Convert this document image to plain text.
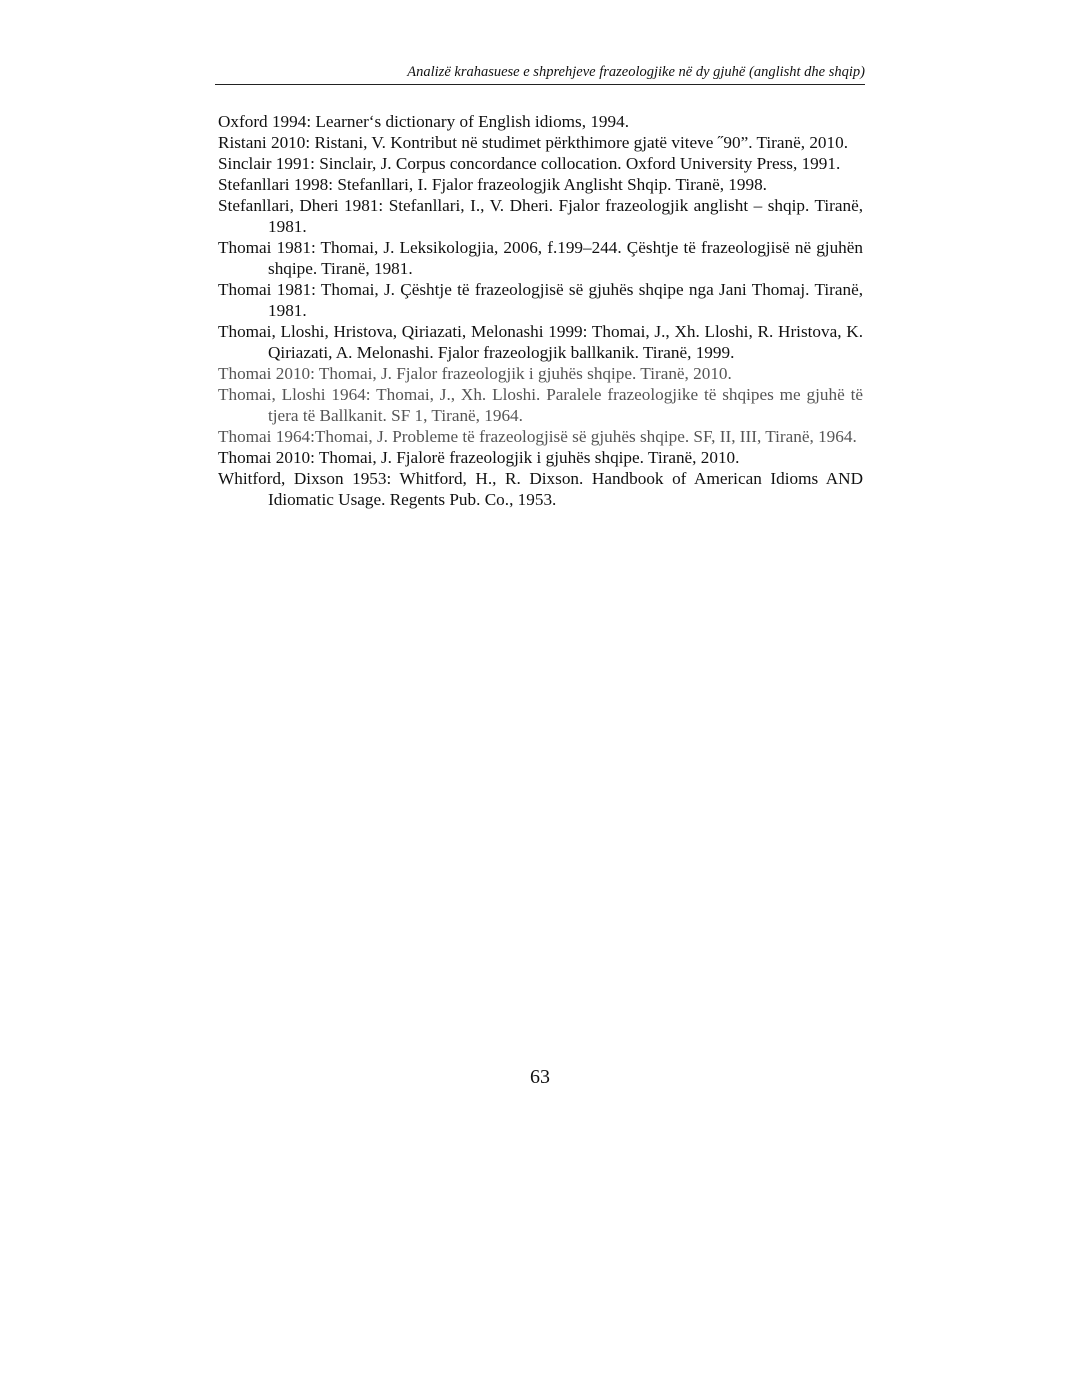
Analizë krahasuese e shprehjeve frazeologjike në dy gjuhë (anglisht dhe shqip)

Oxford 1994: Learner‘s dictionary of English idioms, 1994.

Ristani 2010: Ristani, V. Kontribut në studimet përkthimore gjatë viteve ˝90”. Tiranë, 2010.

Sinclair 1991: Sinclair, J. Corpus concordance collocation. Oxford University Press, 1991.

Stefanllari 1998: Stefanllari, I. Fjalor frazeologjik Anglisht Shqip. Tiranë, 1998.

Stefanllari, Dheri 1981: Stefanllari, I., V. Dheri. Fjalor frazeologjik anglisht – shqip. Tiranë, 1981.

Thomai 1981: Thomai, J. Leksikologjia, 2006, f.199–244. Çështje të frazeologjisë në gjuhën shqipe. Tiranë, 1981.

Thomai 1981: Thomai, J. Çështje të frazeologjisë së gjuhës shqipe nga Jani Thomaj. Tiranë, 1981.

Thomai, Lloshi, Hristova, Qiriazati, Melonashi 1999: Thomai, J., Xh. Lloshi, R. Hristova, K. Qiriazati, A. Melonashi. Fjalor frazeologjik ballkanik. Tiranë, 1999.

Thomai 2010: Thomai, J. Fjalor frazeologjik i gjuhës shqipe. Tiranë, 2010.

Thomai, Lloshi 1964: Thomai, J., Xh. Lloshi. Paralele frazeologjike të shqipes me gjuhë të tjera të Ballkanit. SF 1, Tiranë, 1964.

Thomai 1964:Thomai, J. Probleme të frazeologjisë së gjuhës shqipe. SF, II, III, Tiranë, 1964.

Thomai 2010: Thomai, J. Fjalorë frazeologjik i gjuhës shqipe. Tiranë, 2010.

Whitford, Dixson 1953: Whitford, H., R. Dixson. Handbook of American Idioms AND Idiomatic Usage. Regents Pub. Co., 1953.

63
